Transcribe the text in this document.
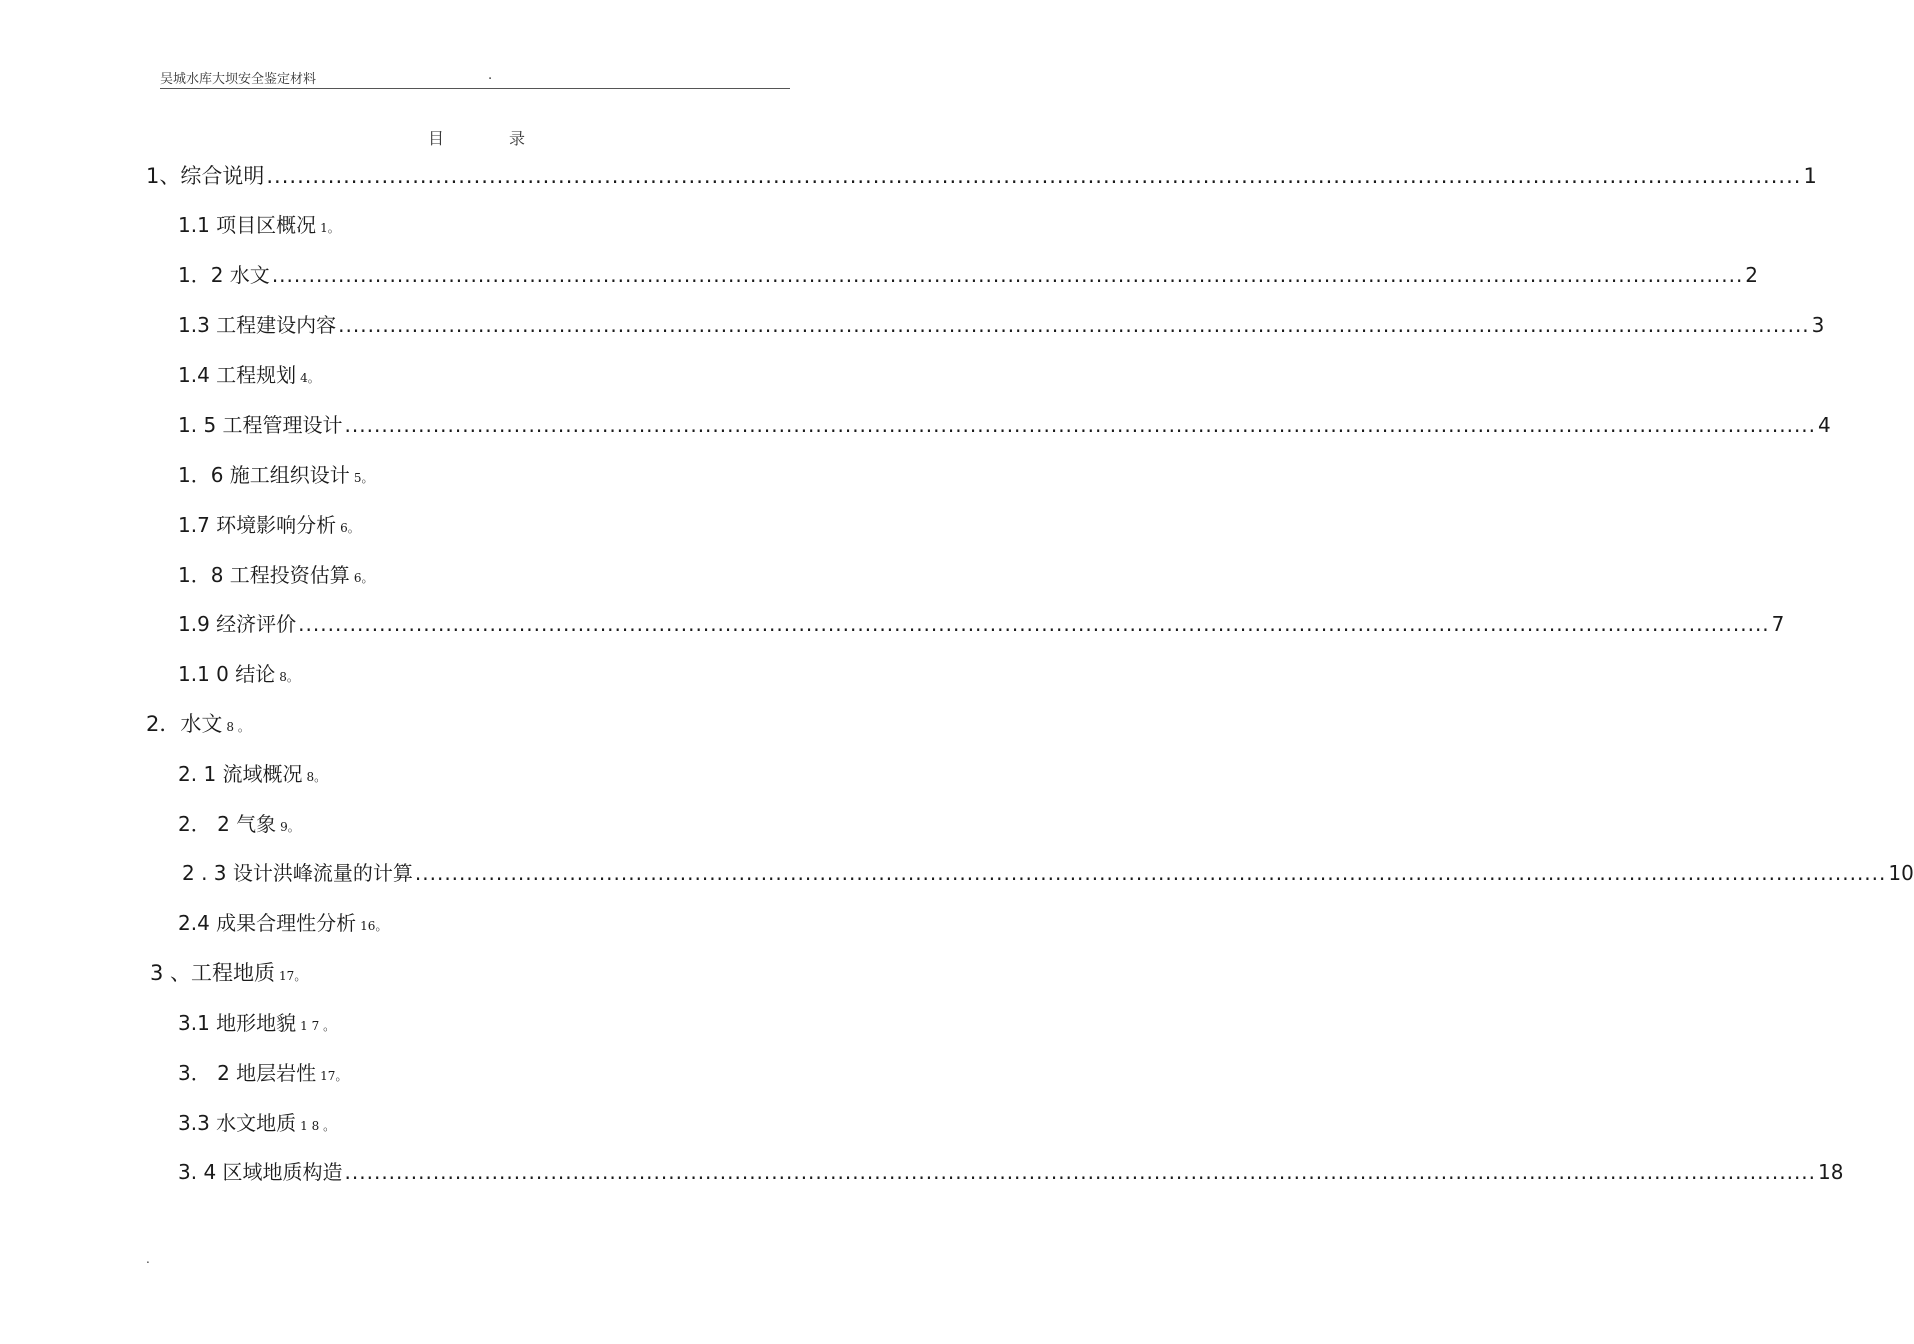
吴城水库大坝安全鉴定材料	.
目	录
1、综合说明 ........................................................................................................................................................................................................ 1
1.1 项目区概况 1。
1．2 水文 ........................................................................................................................................................................................................ 2
1.3 工程建设内容 ........................................................................................................................................................................................................ 3
1.4 工程规划 4。
1. 5 工程管理设计 ........................................................................................................................................................................................................ 4
1．6 施工组织设计 5。
1.7 环境影响分析 6。
1．8 工程投资估算 6。
1.9 经济评价 ........................................................................................................................................................................................................ 7
1.1 0 结论 8。
2．水文 8 。
2. 1 流域概况 8。
2． 2 气象 9。
2 . 3 设计洪峰流量的计算 ........................................................................................................................................................................................................ 10
2.4 成果合理性分析 16。
3 、工程地质 17。
3.1 地形地貌 1 7 。
3． 2 地层岩性 17。
3.3 水文地质 1 8 。
3. 4 区域地质构造 ........................................................................................................................................................................................................ 18
.
